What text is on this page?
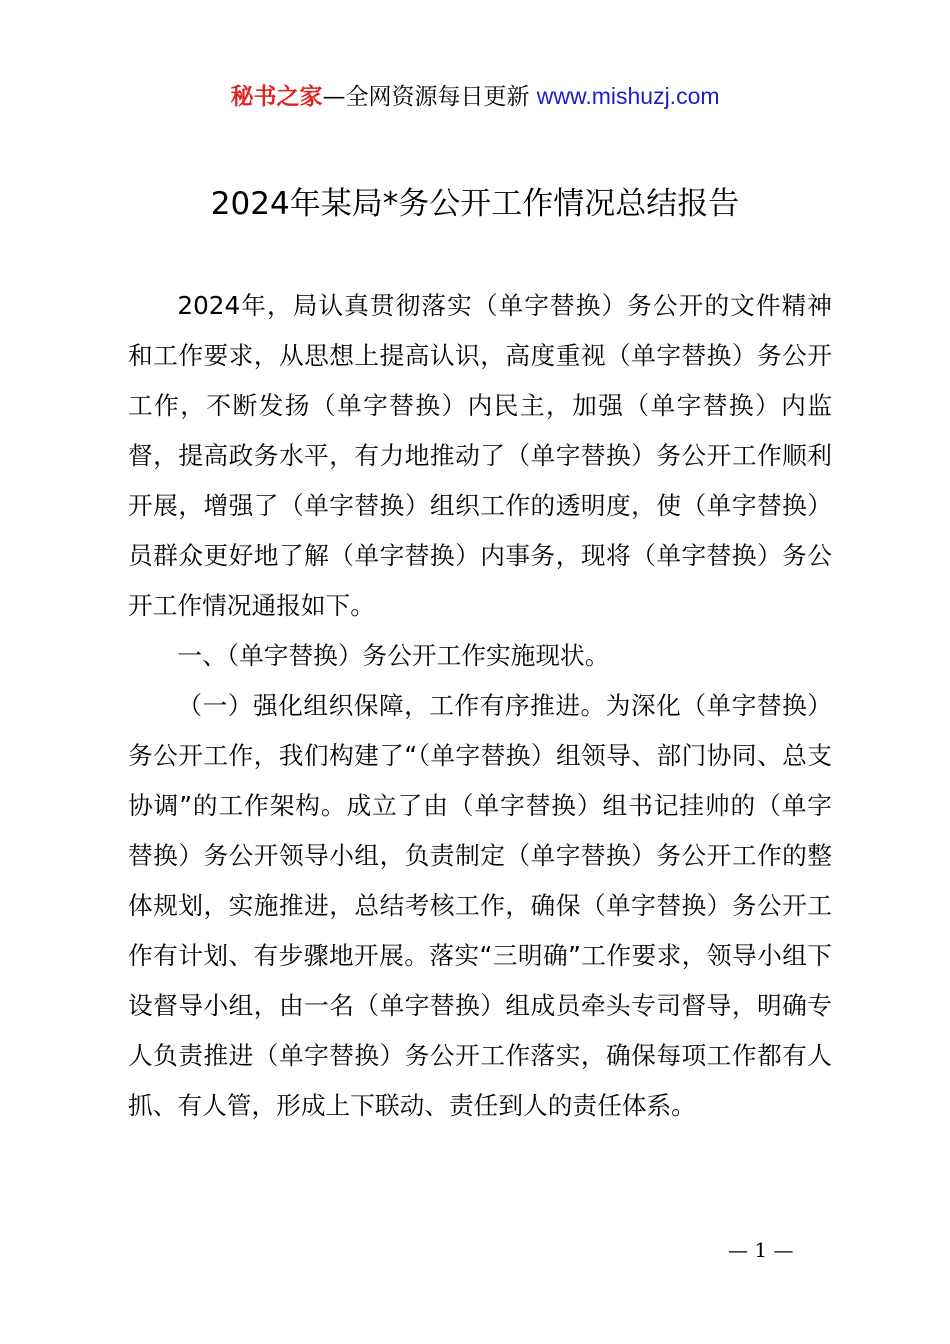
秘书之家—全网资源每日更新 www.mishuzj.com
2024年某局*务公开工作情况总结报告

2024年，局认真贯彻落实（单字替换）务公开的文件精神和工作要求，从思想上提高认识，高度重视（单字替换）务公开工作，不断发扬（单字替换）内民主，加强（单字替换）内监督，提高政务水平，有力地推动了（单字替换）务公开工作顺利开展，增强了（单字替换）组织工作的透明度，使（单字替换）员群众更好地了解（单字替换）内事务，现将（单字替换）务公开工作情况通报如下。

一、（单字替换）务公开工作实施现状。

（一）强化组织保障，工作有序推进。为深化（单字替换）务公开工作，我们构建了“（单字替换）组领导、部门协同、总支协调”的工作架构。成立了由（单字替换）组书记挂帅的（单字替换）务公开领导小组，负责制定（单字替换）务公开工作的整体规划，实施推进，总结考核工作，确保（单字替换）务公开工作有计划、有步骤地开展。落实“三明确”工作要求，领导小组下设督导小组，由一名（单字替换）组成员牵头专司督导，明确专人负责推进（单字替换）务公开工作落实，确保每项工作都有人抓、有人管，形成上下联动、责任到人的责任体系。

— 1 —
